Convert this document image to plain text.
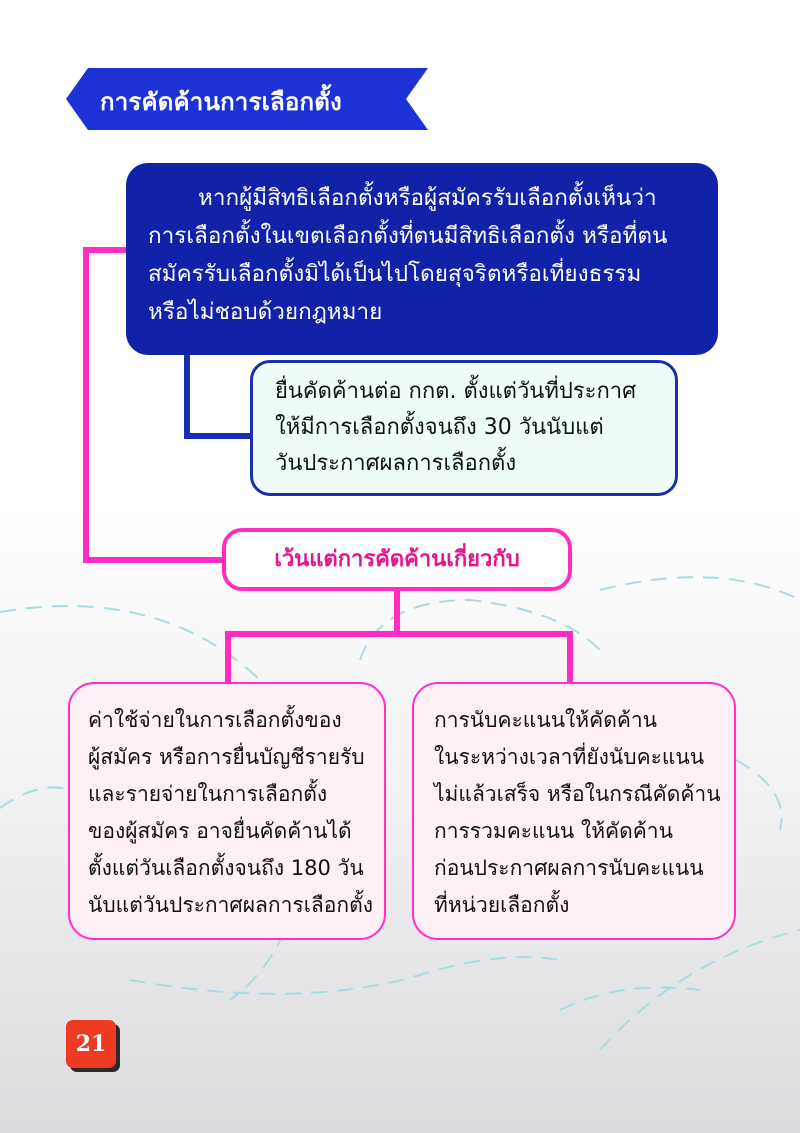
การคัดค้านการเลือกตั้ง
หากผู้มีสิทธิเลือกตั้งหรือผู้สมัครรับเลือกตั้งเห็นว่า
การเลือกตั้งในเขตเลือกตั้งที่ตนมีสิทธิเลือกตั้ง หรือที่ตน
สมัครรับเลือกตั้งมิได้เป็นไปโดยสุจริตหรือเที่ยงธรรม
หรือไม่ชอบด้วยกฎหมาย
ยื่นคัดค้านต่อ กกต. ตั้งแต่วันที่ประกาศ
ให้มีการเลือกตั้งจนถึง 30 วันนับแต่
วันประกาศผลการเลือกตั้ง
เว้นแต่การคัดค้านเกี่ยวกับ
ค่าใช้จ่ายในการเลือกตั้งของ
ผู้สมัคร หรือการยื่นบัญชีรายรับ
และรายจ่ายในการเลือกตั้ง
ของผู้สมัคร อาจยื่นคัดค้านได้
ตั้งแต่วันเลือกตั้งจนถึง 180 วัน
นับแต่วันประกาศผลการเลือกตั้ง
การนับคะแนนให้คัดค้าน
ในระหว่างเวลาที่ยังนับคะแนน
ไม่แล้วเสร็จ หรือในกรณีคัดค้าน
การรวมคะแนน ให้คัดค้าน
ก่อนประกาศผลการนับคะแนน
ที่หน่วยเลือกตั้ง
21
